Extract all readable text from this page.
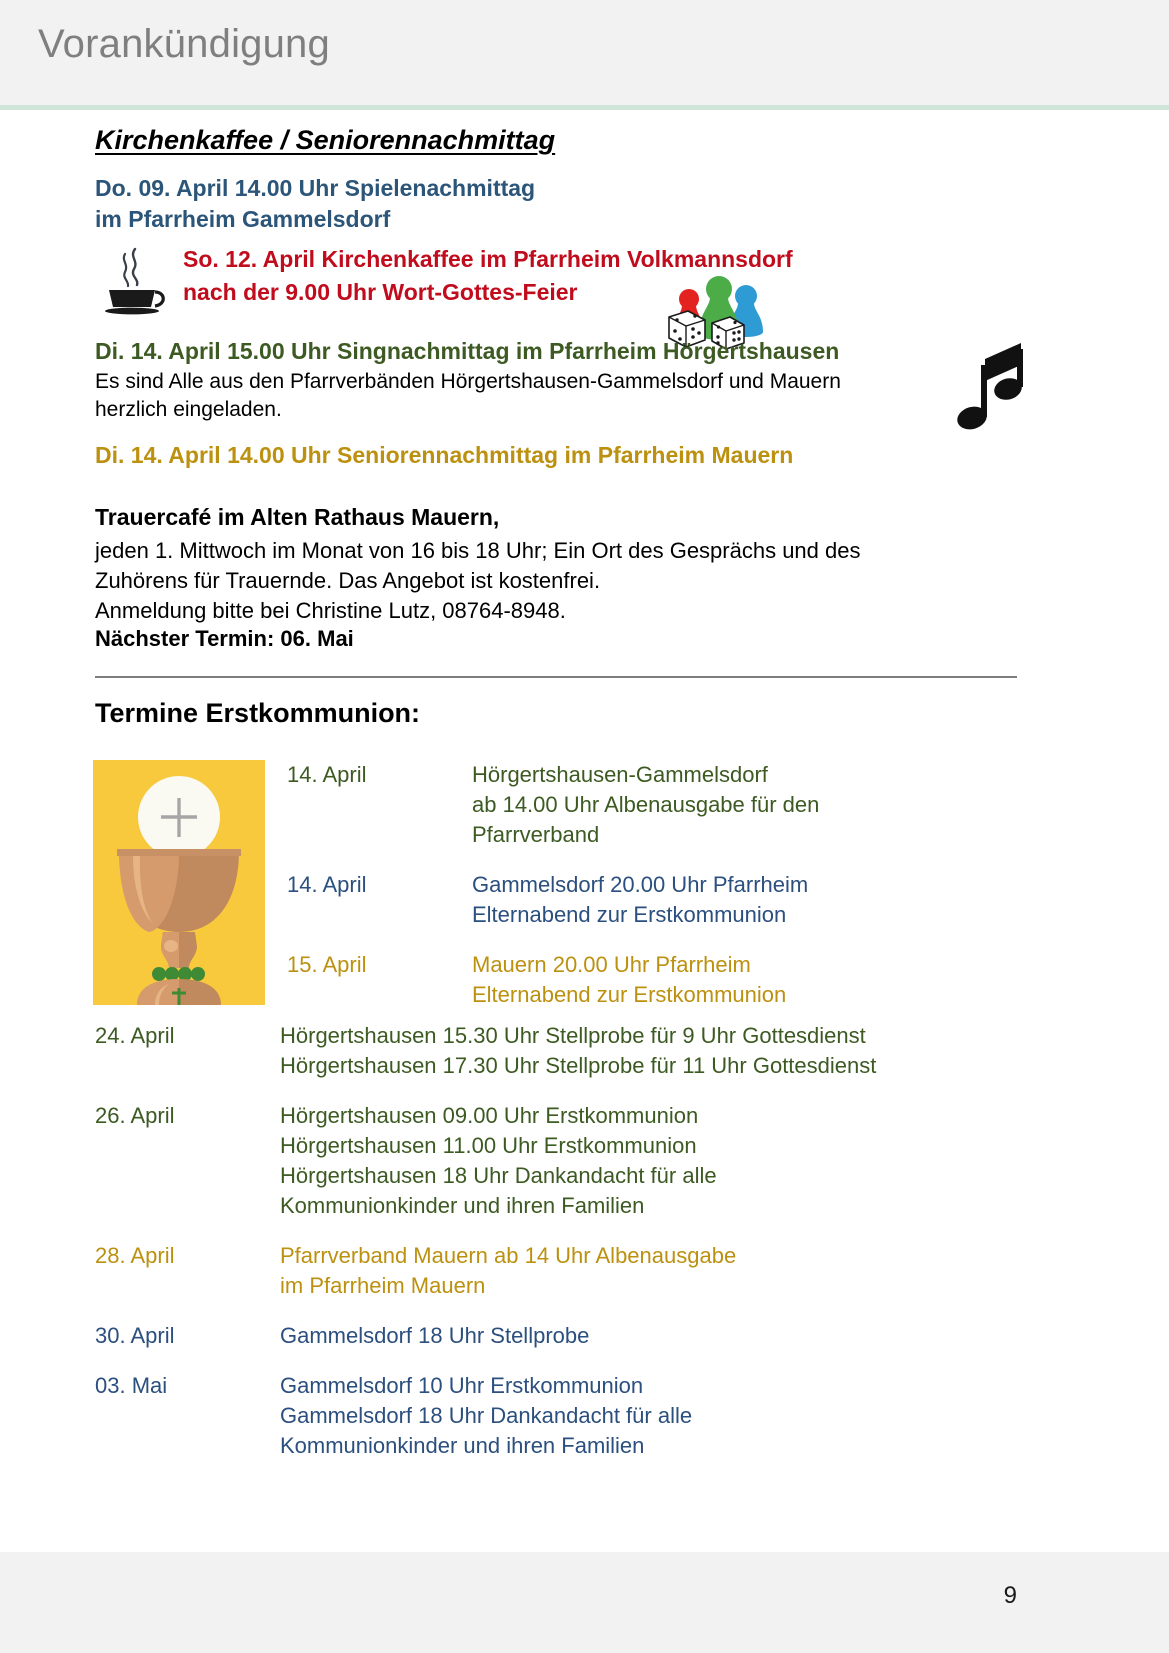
Vorankündigung
Kirchenkaffee / Seniorennachmittag
Do. 09. April 14.00 Uhr Spielenachmittag
im Pfarrheim Gammelsdorf
So. 12. April Kirchenkaffee im Pfarrheim Volkmannsdorf
nach der 9.00 Uhr Wort-Gottes-Feier
Di. 14. April 15.00 Uhr Singnachmittag im Pfarrheim Hörgertshausen
Es sind Alle aus den Pfarrverbänden Hörgertshausen-Gammelsdorf und Mauern
herzlich eingeladen.
Di. 14. April 14.00 Uhr Seniorennachmittag im Pfarrheim Mauern
Trauercafé im Alten Rathaus Mauern,
jeden 1. Mittwoch im Monat von 16 bis 18 Uhr; Ein Ort des Gesprächs und des
Zuhörens für Trauernde. Das Angebot ist kostenfrei.
Anmeldung bitte bei Christine Lutz, 08764-8948.
Nächster Termin: 06. Mai
Termine Erstkommunion:
14. April	Hörgertshausen-Gammelsdorf
ab 14.00 Uhr Albenausgabe für den
Pfarrverband
14. April	Gammelsdorf 20.00 Uhr Pfarrheim
Elternabend zur Erstkommunion
15. April	Mauern 20.00 Uhr Pfarrheim
Elternabend zur Erstkommunion
24. April	Hörgertshausen 15.30 Uhr Stellprobe für 9 Uhr Gottesdienst
Hörgertshausen 17.30 Uhr Stellprobe für 11 Uhr Gottesdienst
26. April	Hörgertshausen 09.00 Uhr Erstkommunion
Hörgertshausen 11.00 Uhr Erstkommunion
Hörgertshausen 18 Uhr Dankandacht für alle
Kommunionkinder und ihren Familien
28. April	Pfarrverband Mauern ab 14 Uhr Albenausgabe
im Pfarrheim Mauern
30. April	Gammelsdorf 18 Uhr Stellprobe
03. Mai	Gammelsdorf 10 Uhr Erstkommunion
Gammelsdorf 18 Uhr Dankandacht für alle
Kommunionkinder und ihren Familien
9
